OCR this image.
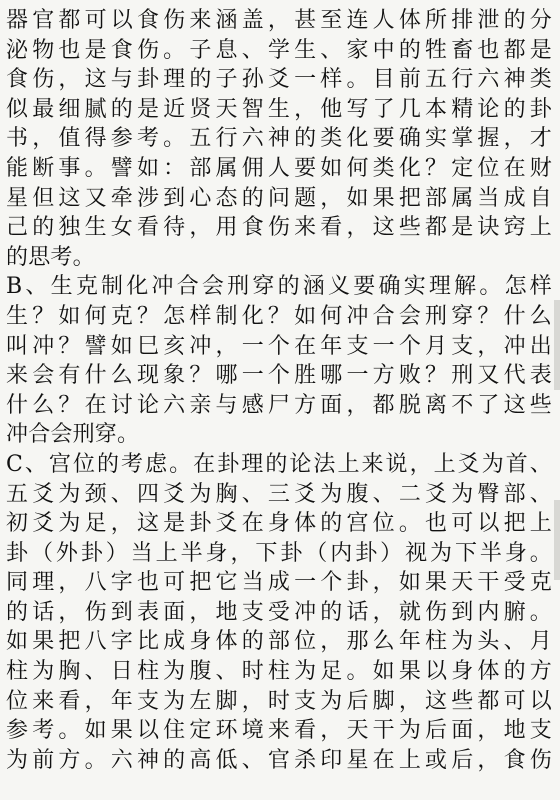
器官都可以食伤来涵盖，甚至连人体所排泄的分
泌物也是食伤。子息、学生、家中的牲畜也都是
食伤，这与卦理的子孙爻一样。目前五行六神类
似最细腻的是近贤天智生，他写了几本精论的卦
书，值得参考。五行六神的类化要确实掌握，才
能断事。譬如：部属佣人要如何类化？定位在财
星但这又牵涉到心态的问题，如果把部属当成自
己的独生女看待，用食伤来看，这些都是诀窍上
的思考。
B、生克制化冲合会刑穿的涵义要确实理解。怎样
生？如何克？怎样制化？如何冲合会刑穿？什么
叫冲？譬如巳亥冲，一个在年支一个月支，冲出
来会有什么现象？哪一个胜哪一方败？刑又代表
什么？在讨论六亲与感尸方面，都脱离不了这些
冲合会刑穿。
C、宫位的考虑。在卦理的论法上来说，上爻为首、
五爻为颈、四爻为胸、三爻为腹、二爻为臀部、
初爻为足，这是卦爻在身体的宫位。也可以把上
卦（外卦）当上半身，下卦（内卦）视为下半身。
同理，八字也可把它当成一个卦，如果天干受克
的话，伤到表面，地支受冲的话，就伤到内腑。
如果把八字比成身体的部位，那么年柱为头、月
柱为胸、日柱为腹、时柱为足。如果以身体的方
位来看，年支为左脚，时支为后脚，这些都可以
参考。如果以住定环境来看，天干为后面，地支
为前方。六神的高低、官杀印星在上或后，食伤
